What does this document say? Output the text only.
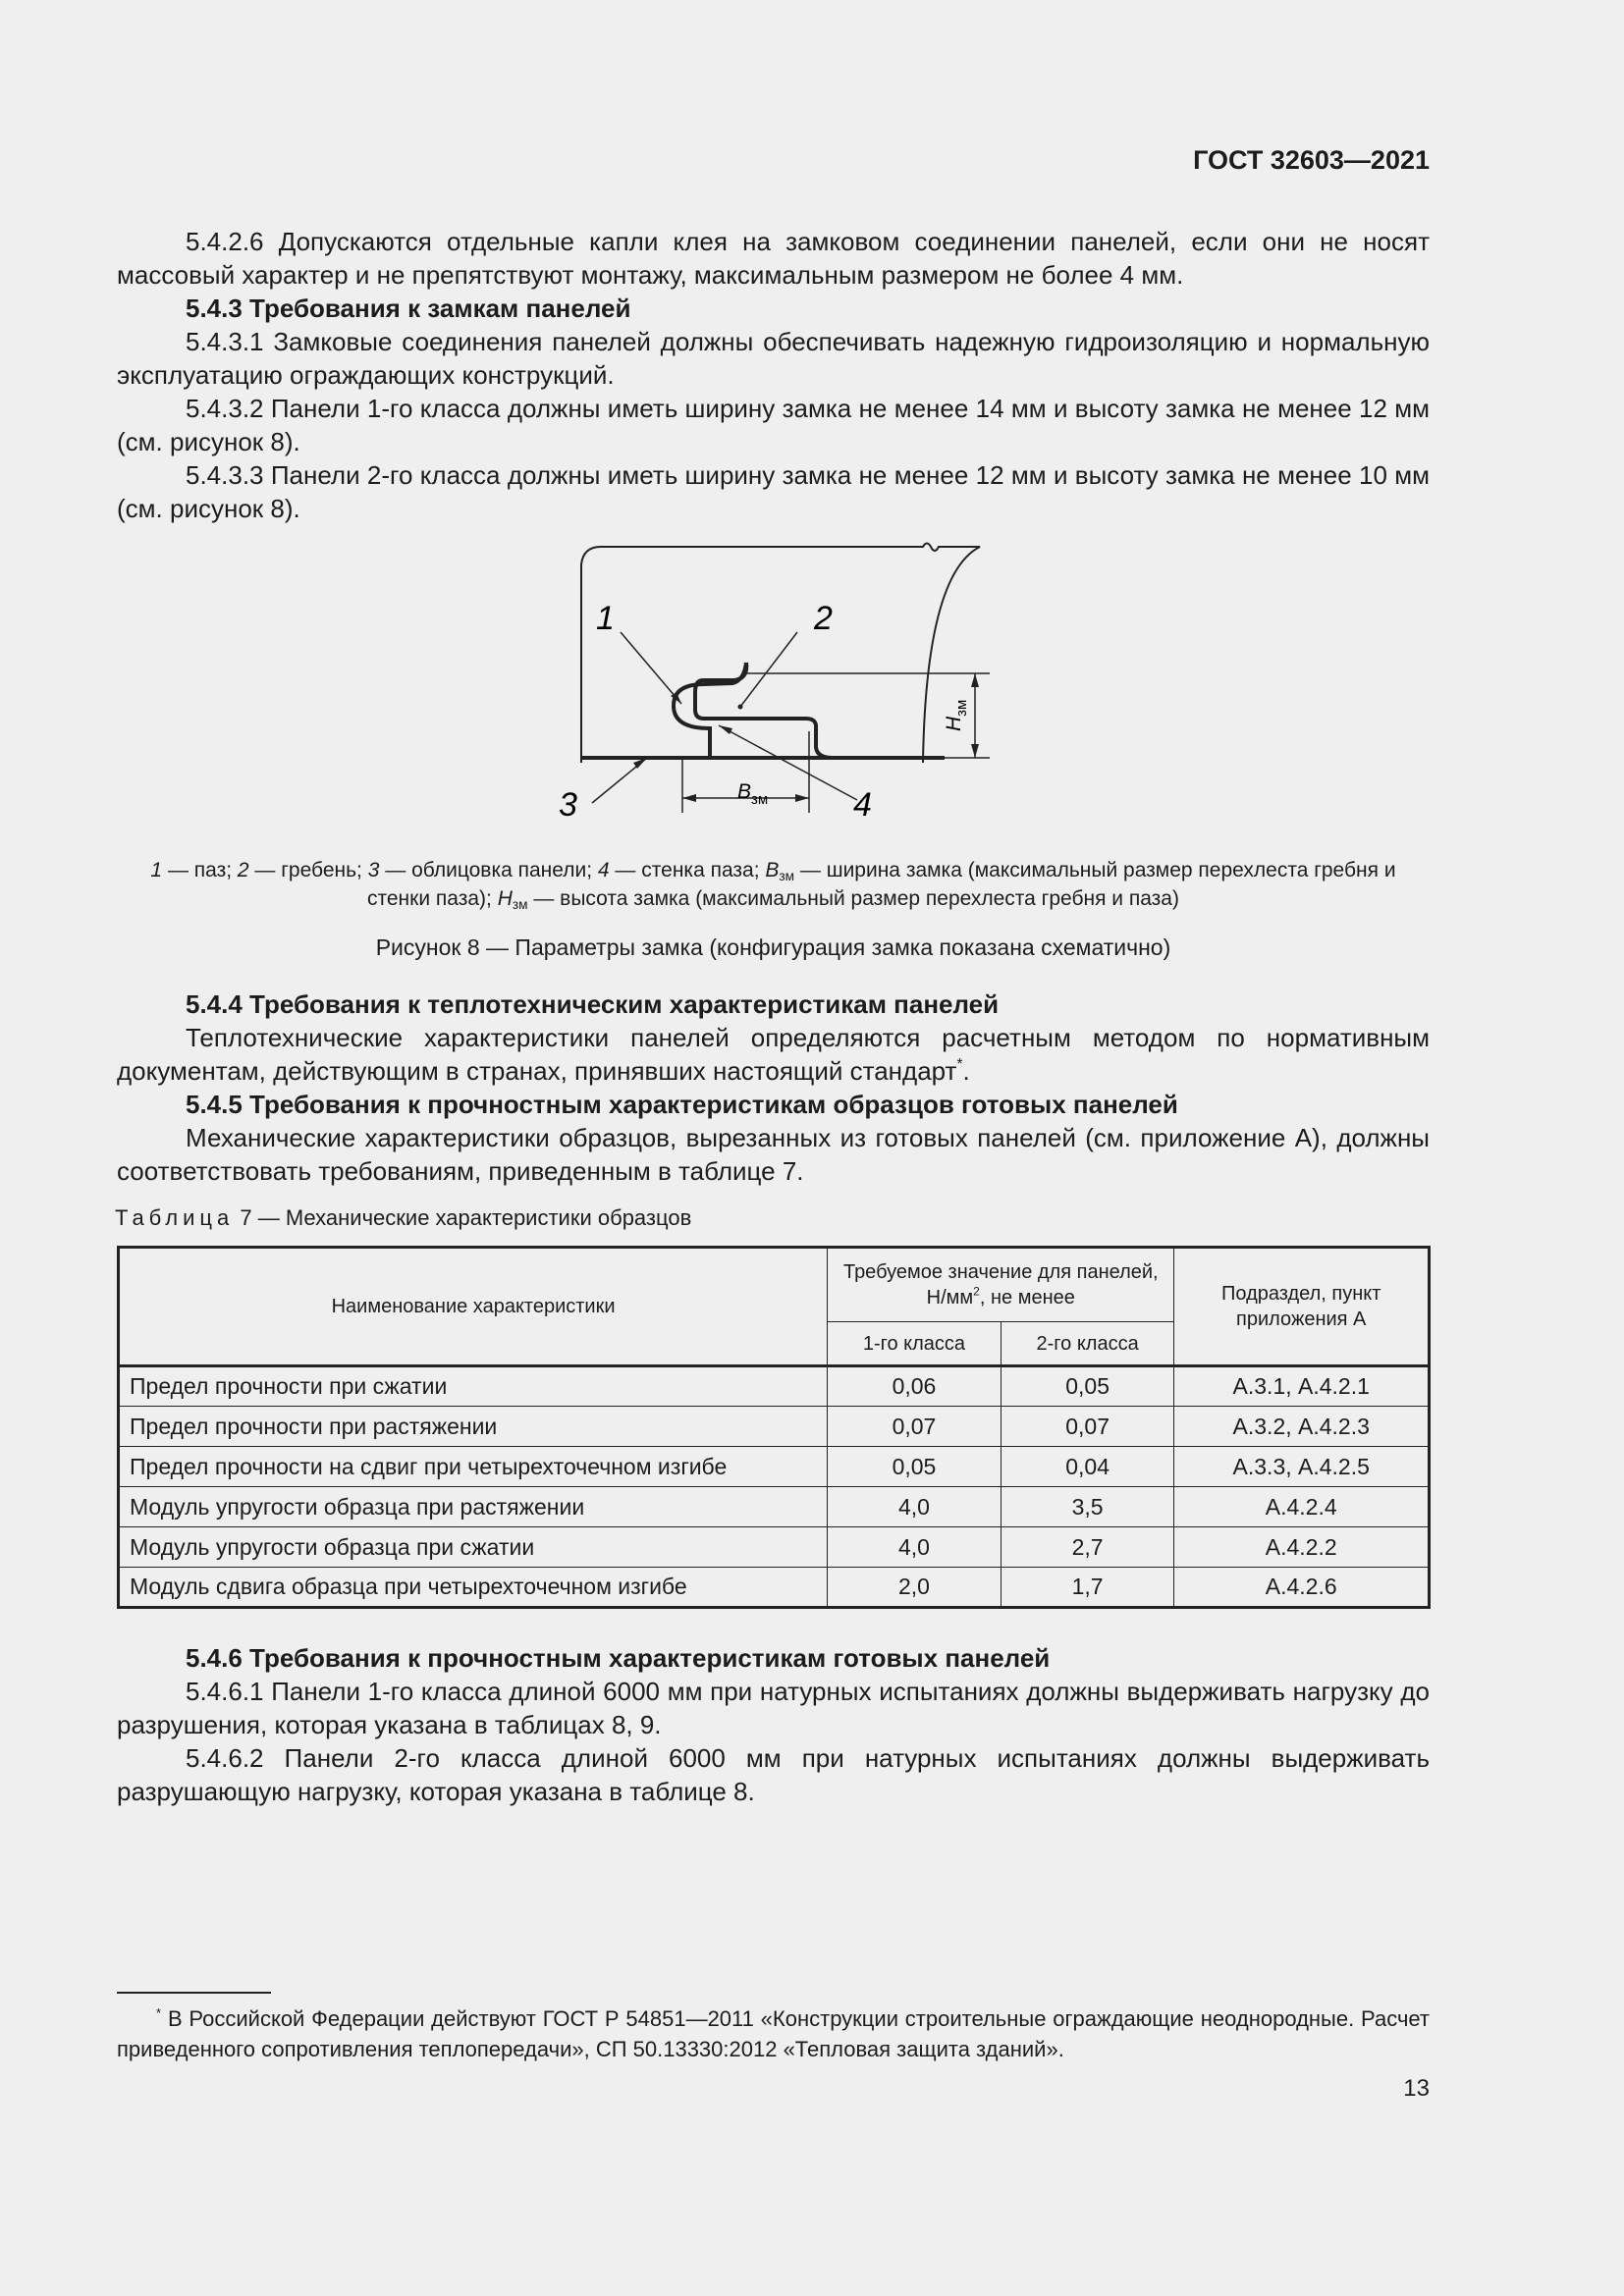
ГОСТ 32603—2021

5.4.2.6 Допускаются отдельные капли клея на замковом соединении панелей, если они не носят массовый характер и не препятствуют монтажу, максимальным размером не более 4 мм.

5.4.3 Требования к замкам панелей

5.4.3.1 Замковые соединения панелей должны обеспечивать надежную гидроизоляцию и нормальную эксплуатацию ограждающих конструкций.

5.4.3.2 Панели 1-го класса должны иметь ширину замка не менее 14 мм и высоту замка не менее 12 мм (см. рисунок 8).

5.4.3.3 Панели 2-го класса должны иметь ширину замка не менее 12 мм и высоту замка не менее 10 мм (см. рисунок 8).

$B_{зм}$
$H_{зм}$
1	2
3	4
1 — паз; 2 — гребень; 3 — облицовка панели; 4 — стенка паза; $B_{зм}$ — ширина замка (максимальный размер перехлеста гребня и стенки паза); $H_{зм}$ — высота замка (максимальный размер перехлеста гребня и паза)
Рисунок 8 — Параметры замка (конфигурация замка показана схематично)

5.4.4 Требования к теплотехническим характеристикам панелей

Теплотехнические характеристики панелей определяются расчетным методом по нормативным документам, действующим в странах, принявших настоящий стандарт*.

5.4.5 Требования к прочностным характеристикам образцов готовых панелей

Механические характеристики образцов, вырезанных из готовых панелей (см. приложение А), должны соответствовать требованиям, приведенным в таблице 7.

Таблица 7 — Механические характеристики образцов
Наименование характеристики	Требуемое значение для панелей, $Н/мм^2$, не менее		Подраздел, пункт приложения А
	1-го класса	2-го класса	
Предел прочности при сжатии	0,06	0,05	А.3.1, А.4.2.1
Предел прочности при растяжении	0,07	0,07	А.3.2, А.4.2.3
Предел прочности на сдвиг при четырехточечном изгибе	0,05	0,04	А.3.3, А.4.2.5
Модуль упругости образца при растяжении	4,0	3,5	А.4.2.4
Модуль упругости образца при сжатии	4,0	2,7	А.4.2.2
Модуль сдвига образца при четырехточечном изгибе	2,0	1,7	А.4.2.6

5.4.6 Требования к прочностным характеристикам готовых панелей

5.4.6.1 Панели 1-го класса длиной 6000 мм при натурных испытаниях должны выдерживать нагрузку до разрушения, которая указана в таблицах 8, 9.

5.4.6.2 Панели 2-го класса длиной 6000 мм при натурных испытаниях должны выдерживать разрушающую нагрузку, которая указана в таблице 8.

* В Российской Федерации действуют ГОСТ Р 54851—2011 «Конструкции строительные ограждающие неоднородные. Расчет приведенного сопротивления теплопередачи», СП 50.13330:2012 «Тепловая защита зданий».
13
